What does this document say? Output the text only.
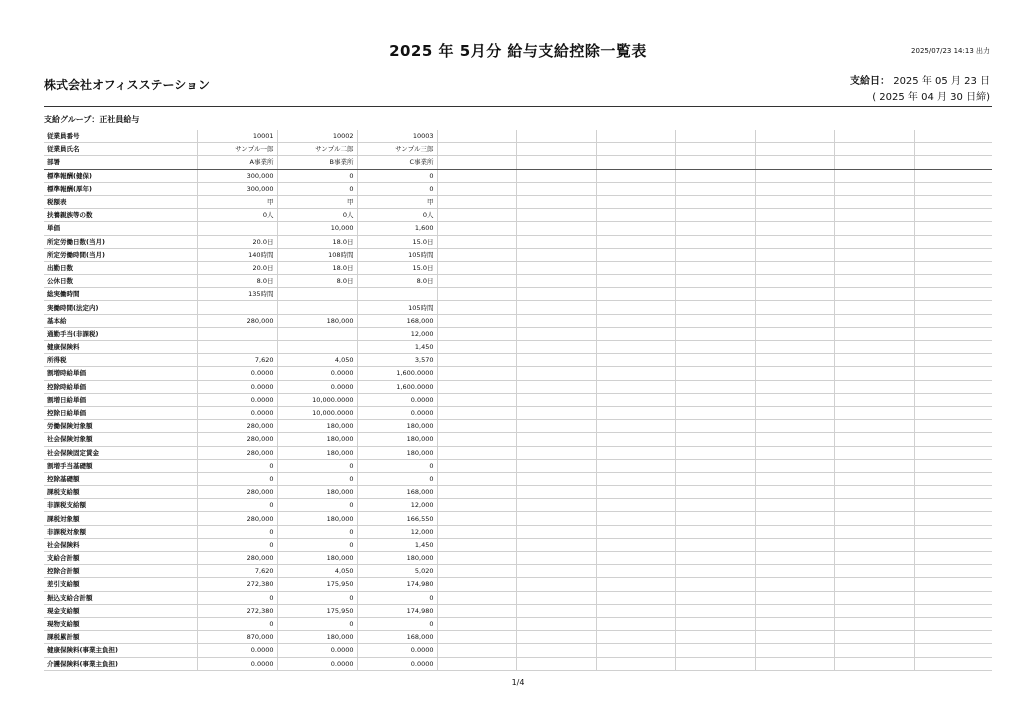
2025 年 5月分 給与支給控除一覧表	2025/07/23 14:13 出力
株式会社オフィスステーション	支給日： 2025 年 05 月 23 日
( 2025 年 04 月 30 日締)
支給グループ：正社員給与
従業員番号	10001	10002	10003							
従業員氏名	サンプル一郎	サンプル二郎	サンプル三郎							
部署	A事業所	B事業所	C事業所							
標準報酬(健保)	300,000	0	0							
標準報酬(厚年)	300,000	0	0							
税額表	甲	甲	甲							
扶養親族等の数	0人	0人	0人							
単価		10,000	1,600							
所定労働日数(当月)	20.0日	18.0日	15.0日							
所定労働時間(当月)	140時間	108時間	105時間							
出勤日数	20.0日	18.0日	15.0日							
公休日数	8.0日	8.0日	8.0日							
総実働時間	135時間									
実働時間(法定内)			105時間							
基本給	280,000	180,000	168,000							
通勤手当(非課税)			12,000							
健康保険料			1,450							
所得税	7,620	4,050	3,570							
割増時給単価	0.0000	0.0000	1,600.0000							
控除時給単価	0.0000	0.0000	1,600.0000							
割増日給単価	0.0000	10,000.0000	0.0000							
控除日給単価	0.0000	10,000.0000	0.0000							
労働保険対象額	280,000	180,000	180,000							
社会保険対象額	280,000	180,000	180,000							
社会保険固定賃金	280,000	180,000	180,000							
割増手当基礎額	0	0	0							
控除基礎額	0	0	0							
課税支給額	280,000	180,000	168,000							
非課税支給額	0	0	12,000							
課税対象額	280,000	180,000	166,550							
非課税対象額	0	0	12,000							
社会保険料	0	0	1,450							
支給合計額	280,000	180,000	180,000							
控除合計額	7,620	4,050	5,020							
差引支給額	272,380	175,950	174,980							
振込支給合計額	0	0	0							
現金支給額	272,380	175,950	174,980							
現物支給額	0	0	0							
課税累計額	870,000	180,000	168,000							
健康保険料(事業主負担)	0.0000	0.0000	0.0000							
介護保険料(事業主負担)	0.0000	0.0000	0.0000							
1/4
